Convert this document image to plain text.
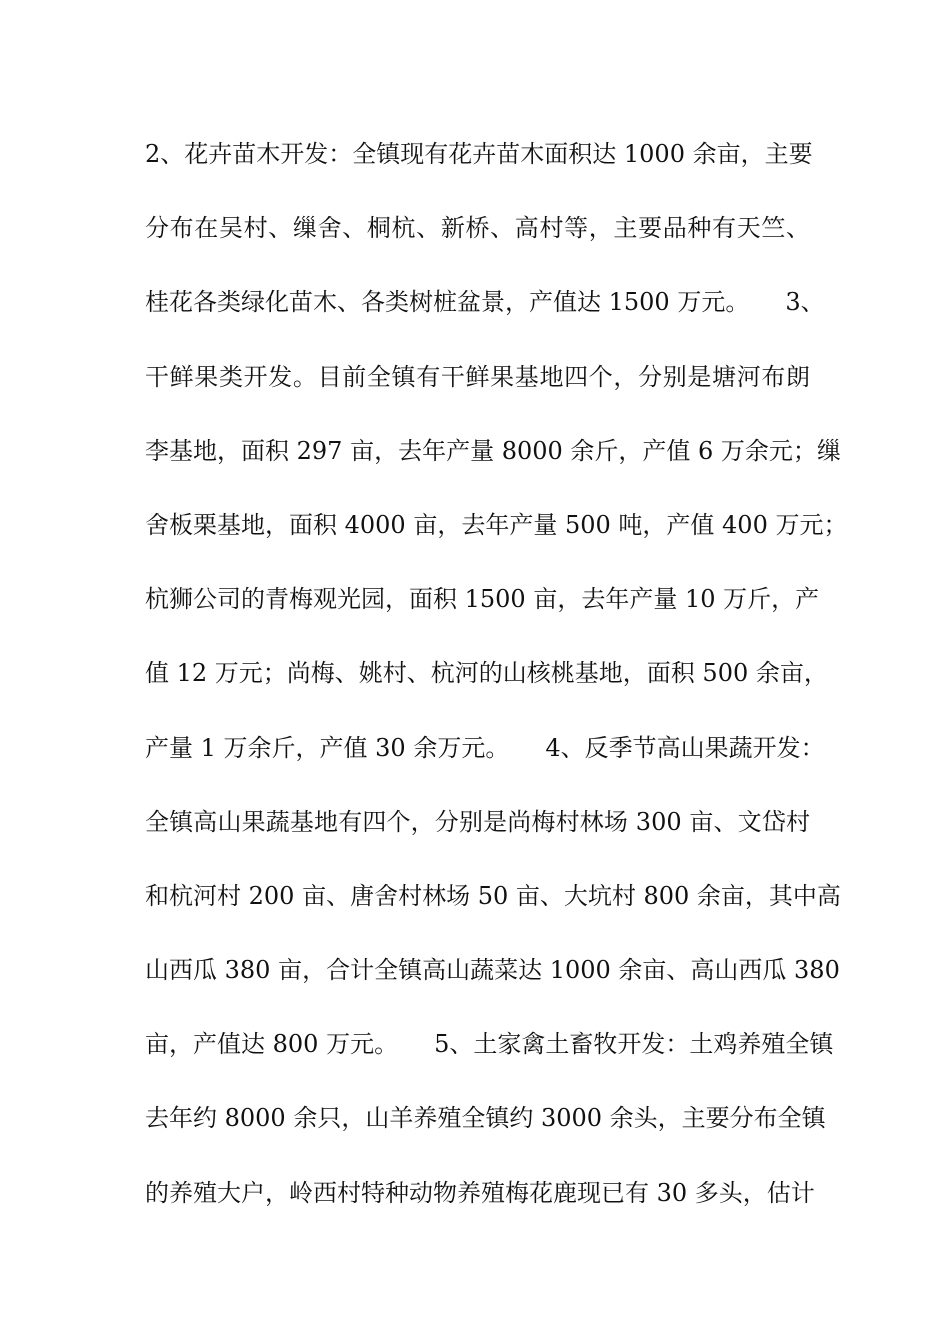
2、花卉苗木开发：全镇现有花卉苗木面积达 1000 余亩，主要
分布在吴村、缫舍、桐杭、新桥、高村等，主要品种有天竺、
桂花各类绿化苗木、各类树桩盆景，产值达 1500 万元。　　3、
干鲜果类开发。目前全镇有干鲜果基地四个，分别是塘河布朗
李基地，面积 297 亩，去年产量 8000 余斤，产值 6 万余元；缫
舍板栗基地，面积 4000 亩，去年产量 500 吨，产值 400 万元；
杭狮公司的青梅观光园，面积 1500 亩，去年产量 10 万斤，产
值 12 万元；尚梅、姚村、杭河的山核桃基地，面积 500 余亩，
产量 1 万余斤，产值 30 余万元。　　4、反季节高山果蔬开发：
全镇高山果蔬基地有四个，分别是尚梅村林场 300 亩、文岱村
和杭河村 200 亩、唐舍村林场 50 亩、大坑村 800 余亩，其中高
山西瓜 380 亩，合计全镇高山蔬菜达 1000 余亩、高山西瓜 380
亩，产值达 800 万元。　　5、土家禽土畜牧开发：土鸡养殖全镇
去年约 8000 余只，山羊养殖全镇约 3000 余头，主要分布全镇
的养殖大户，岭西村特种动物养殖梅花鹿现已有 30 多头，估计
